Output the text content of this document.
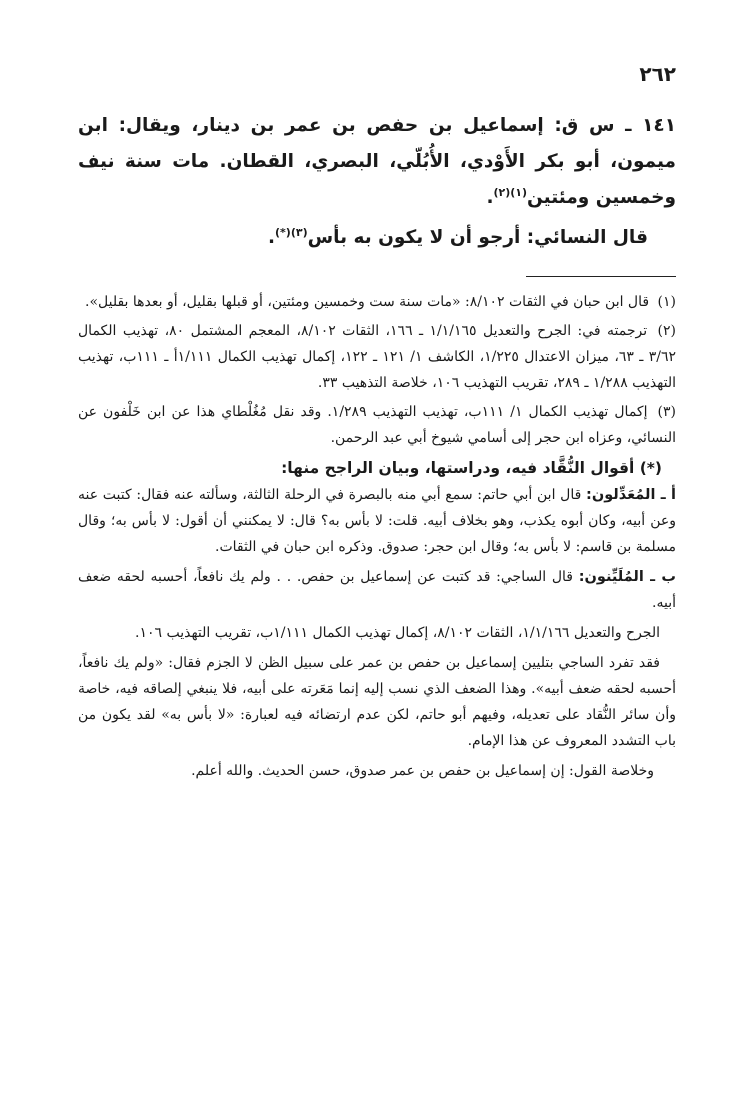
٢٦٢

١٤١ ـ س ق: إسماعيل بن حفص بن عمر بن دينار، ويقال: ابن ميمون، أبو بكر الأَوْدي، الأُبُلّي، البصري، القطان. مات سنة نيف وخمسين ومئتين$^{(١)(٢)}$.

قال النسائي: أرجو أن لا يكون به بأس$^{(٣)(*)}$.

(١) قال ابن حبان في الثقات ٨/١٠٢: «مات سنة ست وخمسين ومئتين، أو قبلها بقليل، أو بعدها بقليل».

(٢) ترجمته في: الجرح والتعديل ١/١/١٦٥ ـ ١٦٦، الثقات ٨/١٠٢، المعجم المشتمل ٨٠، تهذيب الكمال ٣/٦٢ ـ ٦٣، ميزان الاعتدال ١/٢٢٥، الكاشف ١/ ١٢١ ـ ١٢٢، إكمال تهذيب الكمال ١/١١١أ ـ ١١١ب، تهذيب التهذيب ١/٢٨٨ ـ ٢٨٩، تقريب التهذيب ١٠٦، خلاصة التذهيب ٣٣.

(٣) إكمال تهذيب الكمال ١/ ١١١ب، تهذيب التهذيب ١/٢٨٩. وقد نقل مُغُلْطاي هذا عن ابن خَلْفون عن النسائي، وعزاه ابن حجر إلى أسامي شيوخ أبي عبد الرحمن.

(*) أقوال النُّقَّاد فيه، ودراستها، وبيان الراجح منها:

أ ـ المُعَدِّلون: قال ابن أبي حاتم: سمع أبي منه بالبصرة في الرحلة الثالثة، وسألته عنه فقال: كتبت عنه وعن أبيه، وكان أبوه يكذب، وهو بخلاف أبيه. قلت: لا بأس به؟ قال: لا يمكنني أن أقول: لا بأس به؛ وقال مسلمة بن قاسم: لا بأس به؛ وقال ابن حجر: صدوق. وذكره ابن حبان في الثقات.

ب ـ المُلَيِّنون: قال الساجي: قد كتبت عن إسماعيل بن حفص. . . ولم يك نافعاً، أحسبه لحقه ضعف أبيه.

الجرح والتعديل ١/١/١٦٦، الثقات ٨/١٠٢، إكمال تهذيب الكمال ١/١١١ب، تقريب التهذيب ١٠٦.

فقد تفرد الساجي بتليين إسماعيل بن حفص بن عمر على سبيل الظن لا الجزم فقال: «ولم يك نافعاً، أحسبه لحقه ضعف أبيه». وهذا الضعف الذي نسب إليه إنما مَعَرته على أبيه، فلا ينبغي إلصاقه فيه، خاصة وأن سائر النُّقاد على تعديله، وفيهم أبو حاتم، لكن عدم ارتضائه فيه لعبارة: «لا بأس به» لقد يكون من باب التشدد المعروف عن هذا الإمام.

وخلاصة القول: إن إسماعيل بن حفص بن عمر صدوق، حسن الحديث. والله أعلم.
